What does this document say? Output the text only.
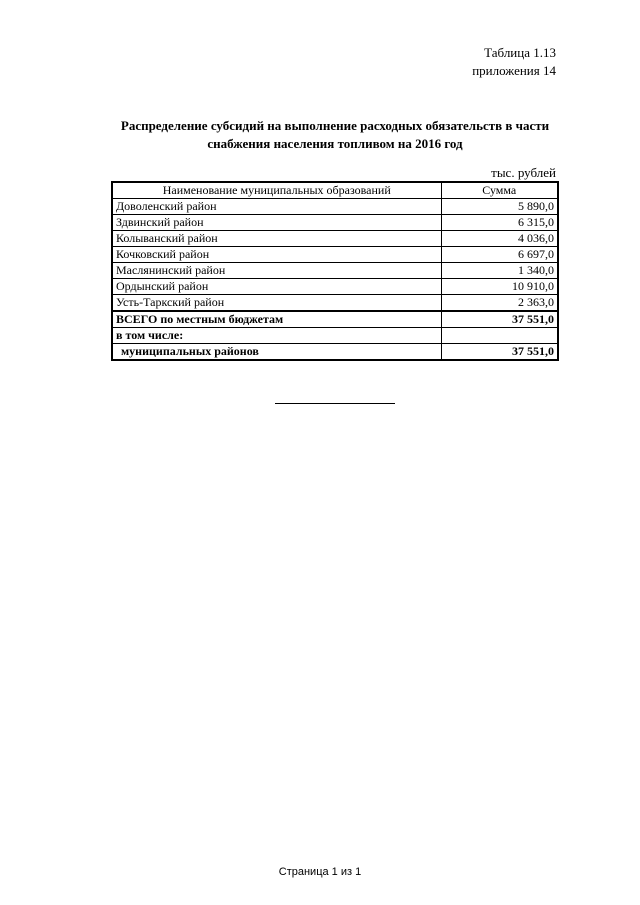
Таблица 1.13
приложения 14
Распределение субсидий на выполнение расходных обязательств в части
снабжения населения топливом на 2016 год
тыс. рублей
Наименование муниципальных образований	Сумма
Доволенский район	5 890,0
Здвинский район	6 315,0
Колыванский район	4 036,0
Кочковский район	6 697,0
Маслянинский район	1 340,0
Ордынский район	10 910,0
Усть-Таркский район	2 363,0
ВСЕГО по местным бюджетам	37 551,0
в том числе:	
муниципальных районов	37 551,0
Страница 1 из 1
